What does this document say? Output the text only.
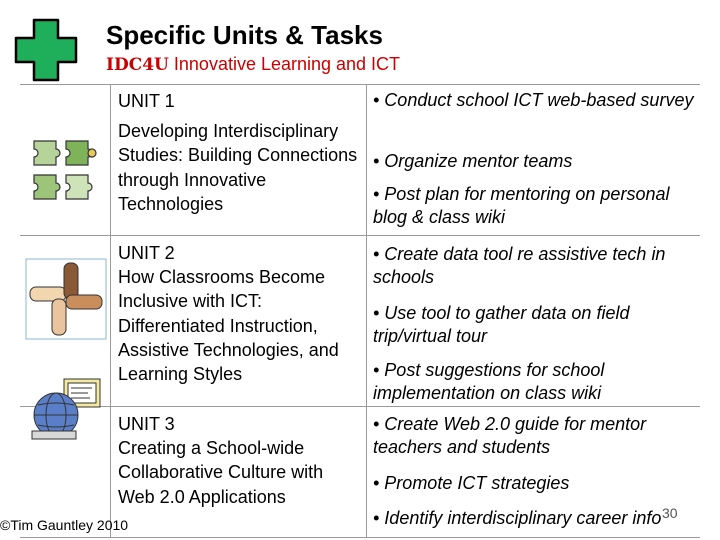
Specific Units & Tasks
IDC4U Innovative Learning and ICT
UNIT 1
Developing Interdisciplinary Studies: Building Connections through Innovative Technologies
• Conduct school ICT web-based survey
• Organize mentor teams
• Post plan for mentoring on personal blog & class wiki
UNIT 2
How Classrooms Become Inclusive with ICT: Differentiated Instruction, Assistive Technologies, and Learning Styles
• Create data tool re assistive tech in schools
• Use tool to gather data on field trip/virtual tour
• Post suggestions for school implementation on class wiki
UNIT 3
Creating a School-wide Collaborative Culture with Web 2.0 Applications
• Create Web 2.0 guide for mentor teachers and students
• Promote ICT strategies
• Identify interdisciplinary career info
©Tim Gauntley 2010
30
